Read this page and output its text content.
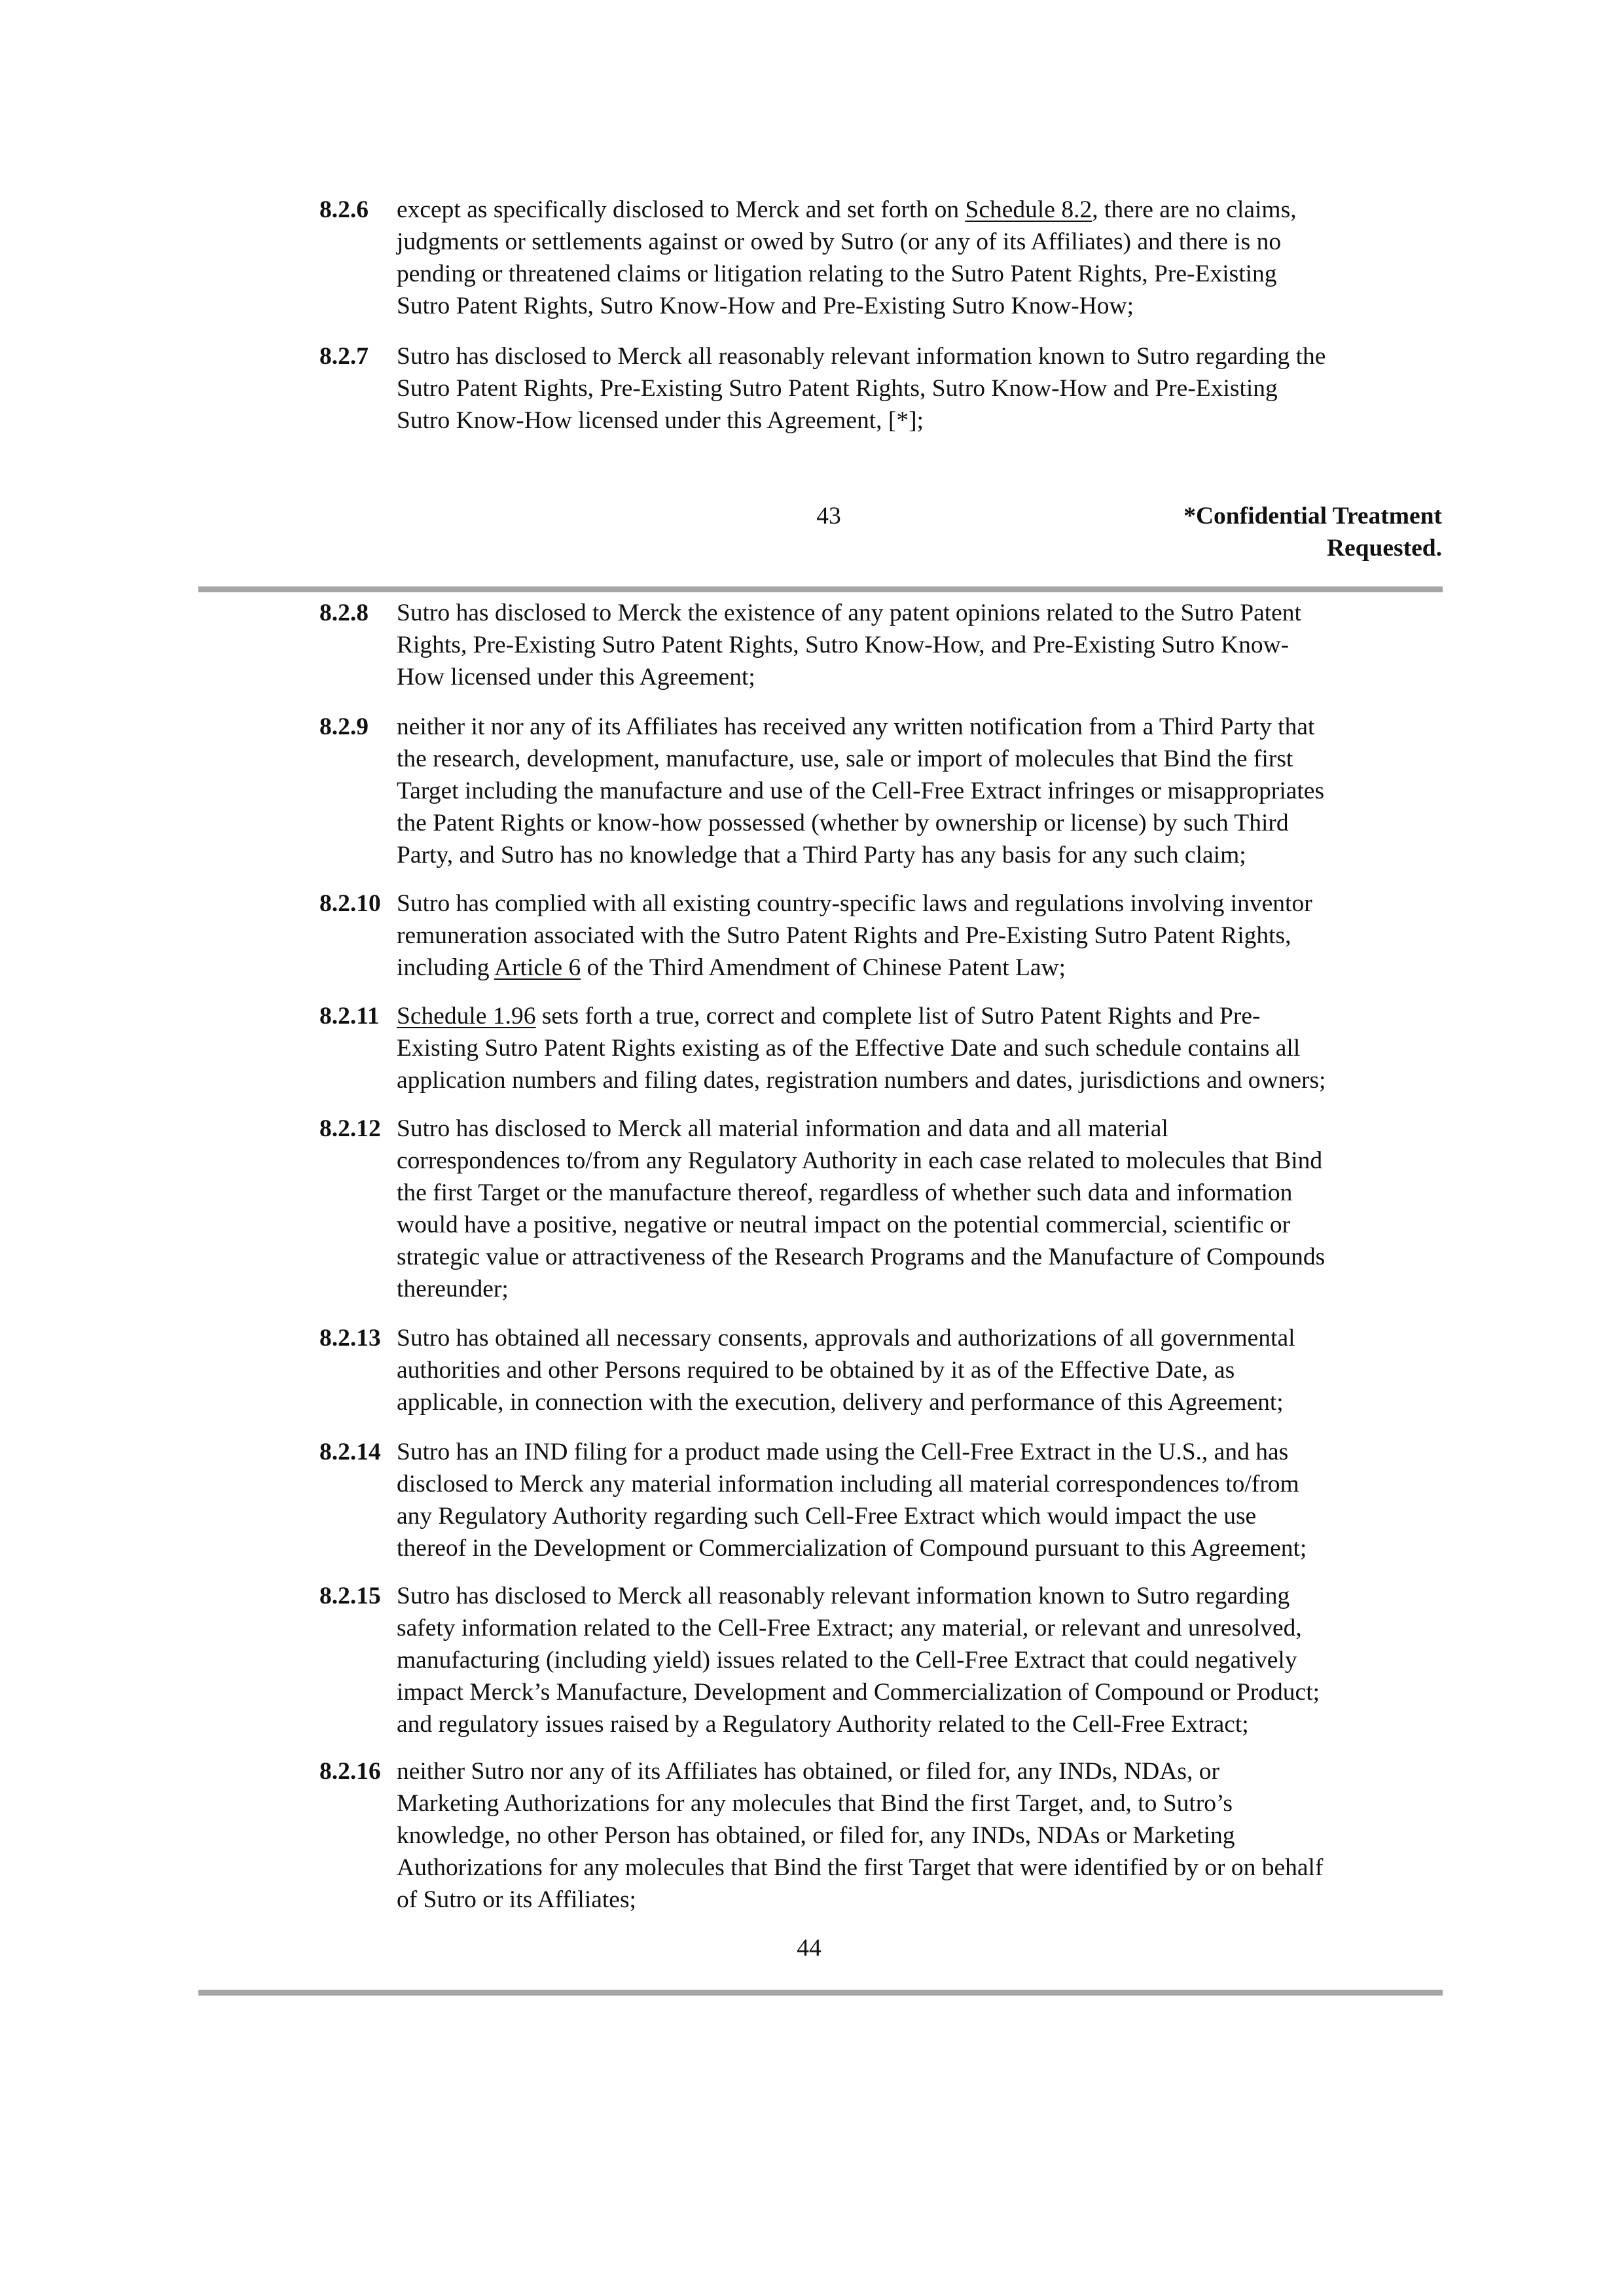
8.2.6 except as specifically disclosed to Merck and set forth on Schedule 8.2, there are no claims,
judgments or settlements against or owed by Sutro (or any of its Affiliates) and there is no
pending or threatened claims or litigation relating to the Sutro Patent Rights, Pre-Existing
Sutro Patent Rights, Sutro Know-How and Pre-Existing Sutro Know-How;
8.2.7 Sutro has disclosed to Merck all reasonably relevant information known to Sutro regarding the
Sutro Patent Rights, Pre-Existing Sutro Patent Rights, Sutro Know-How and Pre-Existing
Sutro Know-How licensed under this Agreement, [*];
43	*Confidential Treatment
Requested.
8.2.8 Sutro has disclosed to Merck the existence of any patent opinions related to the Sutro Patent
Rights, Pre-Existing Sutro Patent Rights, Sutro Know-How, and Pre-Existing Sutro Know-
How licensed under this Agreement;
8.2.9 neither it nor any of its Affiliates has received any written notification from a Third Party that
the research, development, manufacture, use, sale or import of molecules that Bind the first
Target including the manufacture and use of the Cell-Free Extract infringes or misappropriates
the Patent Rights or know-how possessed (whether by ownership or license) by such Third
Party, and Sutro has no knowledge that a Third Party has any basis for any such claim;
8.2.10 Sutro has complied with all existing country-specific laws and regulations involving inventor
remuneration associated with the Sutro Patent Rights and Pre-Existing Sutro Patent Rights,
including Article 6 of the Third Amendment of Chinese Patent Law;
8.2.11 Schedule 1.96 sets forth a true, correct and complete list of Sutro Patent Rights and Pre-
Existing Sutro Patent Rights existing as of the Effective Date and such schedule contains all
application numbers and filing dates, registration numbers and dates, jurisdictions and owners;
8.2.12 Sutro has disclosed to Merck all material information and data and all material
correspondences to/from any Regulatory Authority in each case related to molecules that Bind
the first Target or the manufacture thereof, regardless of whether such data and information
would have a positive, negative or neutral impact on the potential commercial, scientific or
strategic value or attractiveness of the Research Programs and the Manufacture of Compounds
thereunder;
8.2.13 Sutro has obtained all necessary consents, approvals and authorizations of all governmental
authorities and other Persons required to be obtained by it as of the Effective Date, as
applicable, in connection with the execution, delivery and performance of this Agreement;
8.2.14 Sutro has an IND filing for a product made using the Cell-Free Extract in the U.S., and has
disclosed to Merck any material information including all material correspondences to/from
any Regulatory Authority regarding such Cell-Free Extract which would impact the use
thereof in the Development or Commercialization of Compound pursuant to this Agreement;
8.2.15 Sutro has disclosed to Merck all reasonably relevant information known to Sutro regarding
safety information related to the Cell-Free Extract; any material, or relevant and unresolved,
manufacturing (including yield) issues related to the Cell-Free Extract that could negatively
impact Merck’s Manufacture, Development and Commercialization of Compound or Product;
and regulatory issues raised by a Regulatory Authority related to the Cell-Free Extract;
8.2.16 neither Sutro nor any of its Affiliates has obtained, or filed for, any INDs, NDAs, or
Marketing Authorizations for any molecules that Bind the first Target, and, to Sutro’s
knowledge, no other Person has obtained, or filed for, any INDs, NDAs or Marketing
Authorizations for any molecules that Bind the first Target that were identified by or on behalf
of Sutro or its Affiliates;
44
